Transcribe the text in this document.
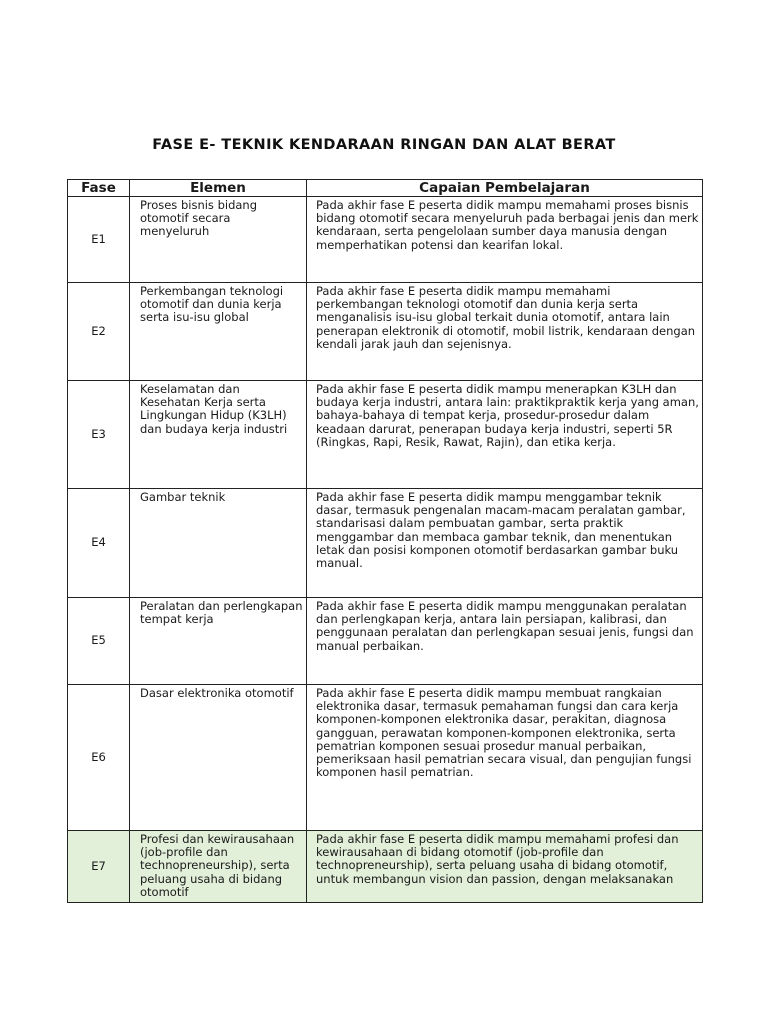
FASE E- TEKNIK KENDARAAN RINGAN DAN ALAT BERAT
Fase	Elemen	Capaian Pembelajaran
E1	Proses bisnis bidang otomotif secara menyeluruh	Pada akhir fase E peserta didik mampu memahami proses bisnis bidang otomotif secara menyeluruh pada berbagai jenis dan merk kendaraan, serta pengelolaan sumber daya manusia dengan memperhatikan potensi dan kearifan lokal.
E2	Perkembangan teknologi otomotif dan dunia kerja serta isu-isu global	Pada akhir fase E peserta didik mampu memahami perkembangan teknologi otomotif dan dunia kerja serta menganalisis isu-isu global terkait dunia otomotif, antara lain penerapan elektronik di otomotif, mobil listrik, kendaraan dengan kendali jarak jauh dan sejenisnya.
E3	Keselamatan dan Kesehatan Kerja serta Lingkungan Hidup (K3LH) dan budaya kerja industri	Pada akhir fase E peserta didik mampu menerapkan K3LH dan budaya kerja industri, antara lain: praktikpraktik kerja yang aman, bahaya-bahaya di tempat kerja, prosedur-prosedur dalam keadaan darurat, penerapan budaya kerja industri, seperti 5R (Ringkas, Rapi, Resik, Rawat, Rajin), dan etika kerja.
E4	Gambar teknik	Pada akhir fase E peserta didik mampu menggambar teknik dasar, termasuk pengenalan macam-macam peralatan gambar, standarisasi dalam pembuatan gambar, serta praktik menggambar dan membaca gambar teknik, dan menentukan letak dan posisi komponen otomotif berdasarkan gambar buku manual.
E5	Peralatan dan perlengkapan tempat kerja	Pada akhir fase E peserta didik mampu menggunakan peralatan dan perlengkapan kerja, antara lain persiapan, kalibrasi, dan penggunaan peralatan dan perlengkapan sesuai jenis, fungsi dan manual perbaikan.
E6	Dasar elektronika otomotif	Pada akhir fase E peserta didik mampu membuat rangkaian elektronika dasar, termasuk pemahaman fungsi dan cara kerja komponen-komponen elektronika dasar, perakitan, diagnosa gangguan, perawatan komponen-komponen elektronika, serta pematrian komponen sesuai prosedur manual perbaikan, pemeriksaan hasil pematrian secara visual, dan pengujian fungsi komponen hasil pematrian.
E7	Profesi dan kewirausahaan (job-profile dan technopreneurship), serta peluang usaha di bidang otomotif	Pada akhir fase E peserta didik mampu memahami profesi dan kewirausahaan di bidang otomotif (job-profile dan technopreneurship), serta peluang usaha di bidang otomotif, untuk membangun vision dan passion, dengan melaksanakan
